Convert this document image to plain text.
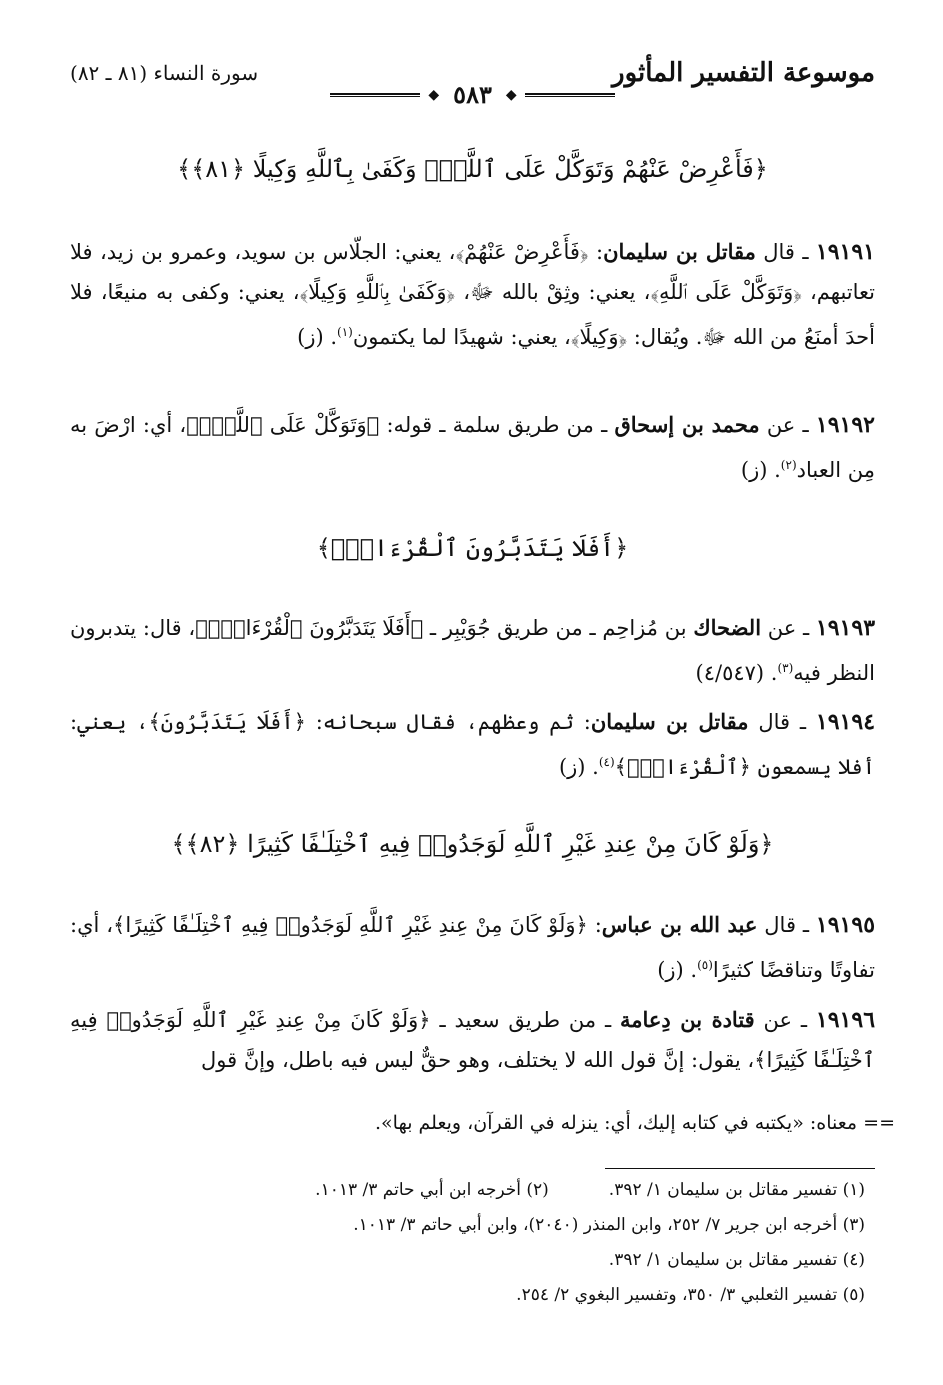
موسوعة التفسير المأثور
سورة النساء (٨١ ـ ٨٢)
◆ ٥٨٣	◆

﴿فَأَعْرِضْ عَنْهُمْ وَتَوَكَّلْ عَلَى ٱللَّهِۚ وَكَفَىٰ بِٱللَّهِ وَكِيلًا ﴿٨١﴾﴾

١٩١٩١ ـ قال مقاتل بن سليمان: ﴿فَأَعْرِضْ عَنْهُمْ﴾، يعني: الجلّاس بن سويد، وعمرو بن زيد، فلا تعاتبهم، ﴿وَتَوَكَّلْ عَلَى ٱللَّهِ﴾، يعني: وثِقْ بالله ﷻ، ﴿وَكَفَىٰ بِٱللَّهِ وَكِيلًا﴾، يعني: وكفى به منيعًا، فلا أحدَ أمنَعُ من الله ﷻ. ويُقال: ﴿وَكِيلًا﴾، يعني: شهيدًا لما يكتمون$^{(١)}$. (ز)
١٩١٩٢ ـ عن محمد بن إسحاق ـ من طريق سلمة ـ قوله: ﴿وَتَوَكَّلْ عَلَى ٱللَّهِۚ﴾، أي: ارْضَ به مِن العباد$^{(٢)}$. (ز)

﴿أَفَلَا يَتَدَبَّرُونَ ٱلْقُرْءَانَۚ﴾

١٩١٩٣ ـ عن الضحاك بن مُزاحِم ـ من طريق جُوَيْبِر ـ ﴿أَفَلَا يَتَدَبَّرُونَ ٱلْقُرْءَانَۚ﴾، قال: يتدبرون النظر فيه$^{(٣)}$. (٤/٥٤٧)
١٩١٩٤ ـ قال مقاتل بن سليمان: ثم وعظهم، فقال سبحانه: ﴿أَفَلَا يَتَدَبَّرُونَ﴾، يعني: أفلا يسمعون ﴿ٱلْقُرْءَانَۚ﴾$^{(٤)}$. (ز)

﴿وَلَوْ كَانَ مِنْ عِندِ غَيْرِ ٱللَّهِ لَوَجَدُوا۟ فِيهِ ٱخْتِلَـٰفًا كَثِيرًا ﴿٨٢﴾﴾

١٩١٩٥ ـ قال عبد الله بن عباس: ﴿وَلَوْ كَانَ مِنْ عِندِ غَيْرِ ٱللَّهِ لَوَجَدُوا۟ فِيهِ ٱخْتِلَـٰفًا كَثِيرًا﴾، أي: تفاوتًا وتناقضًا كثيرًا$^{(٥)}$. (ز)
١٩١٩٦ ـ عن قتادة بن دِعامة ـ من طريق سعيد ـ ﴿وَلَوْ كَانَ مِنْ عِندِ غَيْرِ ٱللَّهِ لَوَجَدُوا۟ فِيهِ ٱخْتِلَـٰفًا كَثِيرًا﴾، يقول: إنَّ قول الله لا يختلف، وهو حقٌّ ليس فيه باطل، وإنَّ قول
== معناه: «يكتبه في كتابه إليك، أي: ينزله في القرآن، ويعلم بها».
(١) تفسير مقاتل بن سليمان ١/ ٣٩٢.
(٢) أخرجه ابن أبي حاتم ٣/ ١٠١٣.
(٣) أخرجه ابن جرير ٧/ ٢٥٢، وابن المنذر (٢٠٤٠)، وابن أبي حاتم ٣/ ١٠١٣.
(٤) تفسير مقاتل بن سليمان ١/ ٣٩٢.
(٥) تفسير الثعلبي ٣/ ٣٥٠، وتفسير البغوي ٢/ ٢٥٤.
